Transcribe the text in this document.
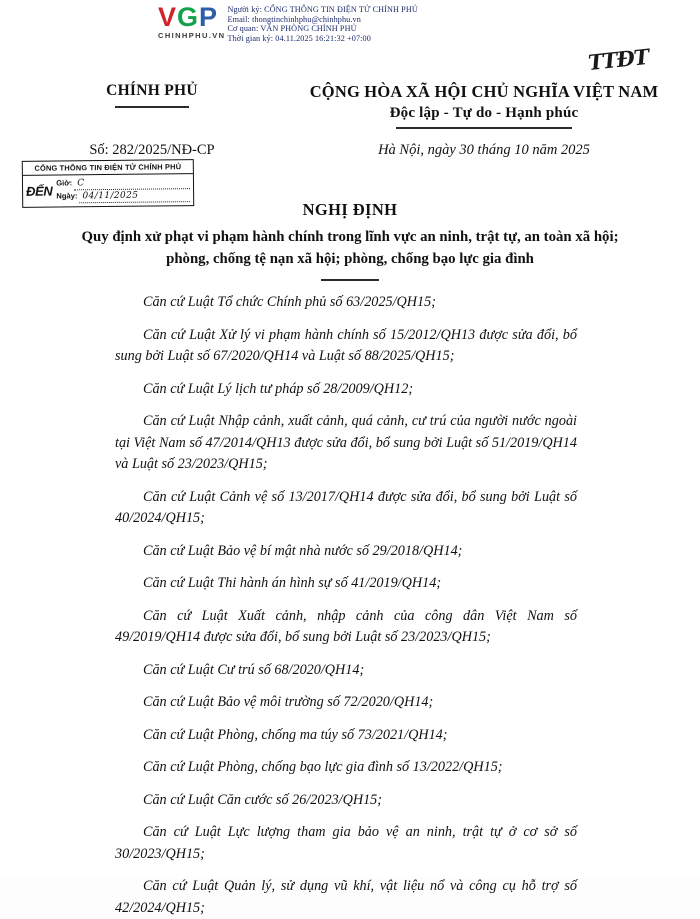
VGP
CHINHPHU.VN
Người ký: CỔNG THÔNG TIN ĐIỆN TỬ CHÍNH PHỦ
Email: thongtinchinhphu@chinhphu.vn
Cơ quan: VĂN PHÒNG CHÍNH PHỦ
Thời gian ký: 04.11.2025 16:21:32 +07:00
TTĐT
CHÍNH PHỦ	CỘNG HÒA XÃ HỘI CHỦ NGHĨA VIỆT NAM
Độc lập - Tự do - Hạnh phúc
Số: 282/2025/NĐ-CP	Hà Nội, ngày 30 tháng 10 năm 2025
CỔNG THÔNG TIN ĐIỆN TỬ CHÍNH PHỦ
ĐẾN
Giờ: C
Ngày: 04/11/2025
NGHỊ ĐỊNH
Quy định xử phạt vi phạm hành chính trong lĩnh vực an ninh, trật tự, an toàn xã hội; phòng, chống tệ nạn xã hội; phòng, chống bạo lực gia đình
Căn cứ Luật Tổ chức Chính phủ số 63/2025/QH15;
Căn cứ Luật Xử lý vi phạm hành chính số 15/2012/QH13 được sửa đổi, bổ sung bởi Luật số 67/2020/QH14 và Luật số 88/2025/QH15;
Căn cứ Luật Lý lịch tư pháp số 28/2009/QH12;
Căn cứ Luật Nhập cảnh, xuất cảnh, quá cảnh, cư trú của người nước ngoài tại Việt Nam số 47/2014/QH13 được sửa đổi, bổ sung bởi Luật số 51/2019/QH14 và Luật số 23/2023/QH15;
Căn cứ Luật Cảnh vệ số 13/2017/QH14 được sửa đổi, bổ sung bởi Luật số 40/2024/QH15;
Căn cứ Luật Bảo vệ bí mật nhà nước số 29/2018/QH14;
Căn cứ Luật Thi hành án hình sự số 41/2019/QH14;
Căn cứ Luật Xuất cảnh, nhập cảnh của công dân Việt Nam số 49/2019/QH14 được sửa đổi, bổ sung bởi Luật số 23/2023/QH15;
Căn cứ Luật Cư trú số 68/2020/QH14;
Căn cứ Luật Bảo vệ môi trường số 72/2020/QH14;
Căn cứ Luật Phòng, chống ma túy số 73/2021/QH14;
Căn cứ Luật Phòng, chống bạo lực gia đình số 13/2022/QH15;
Căn cứ Luật Căn cước số 26/2023/QH15;
Căn cứ Luật Lực lượng tham gia bảo vệ an ninh, trật tự ở cơ sở số 30/2023/QH15;
Căn cứ Luật Quản lý, sử dụng vũ khí, vật liệu nổ và công cụ hỗ trợ số 42/2024/QH15;
